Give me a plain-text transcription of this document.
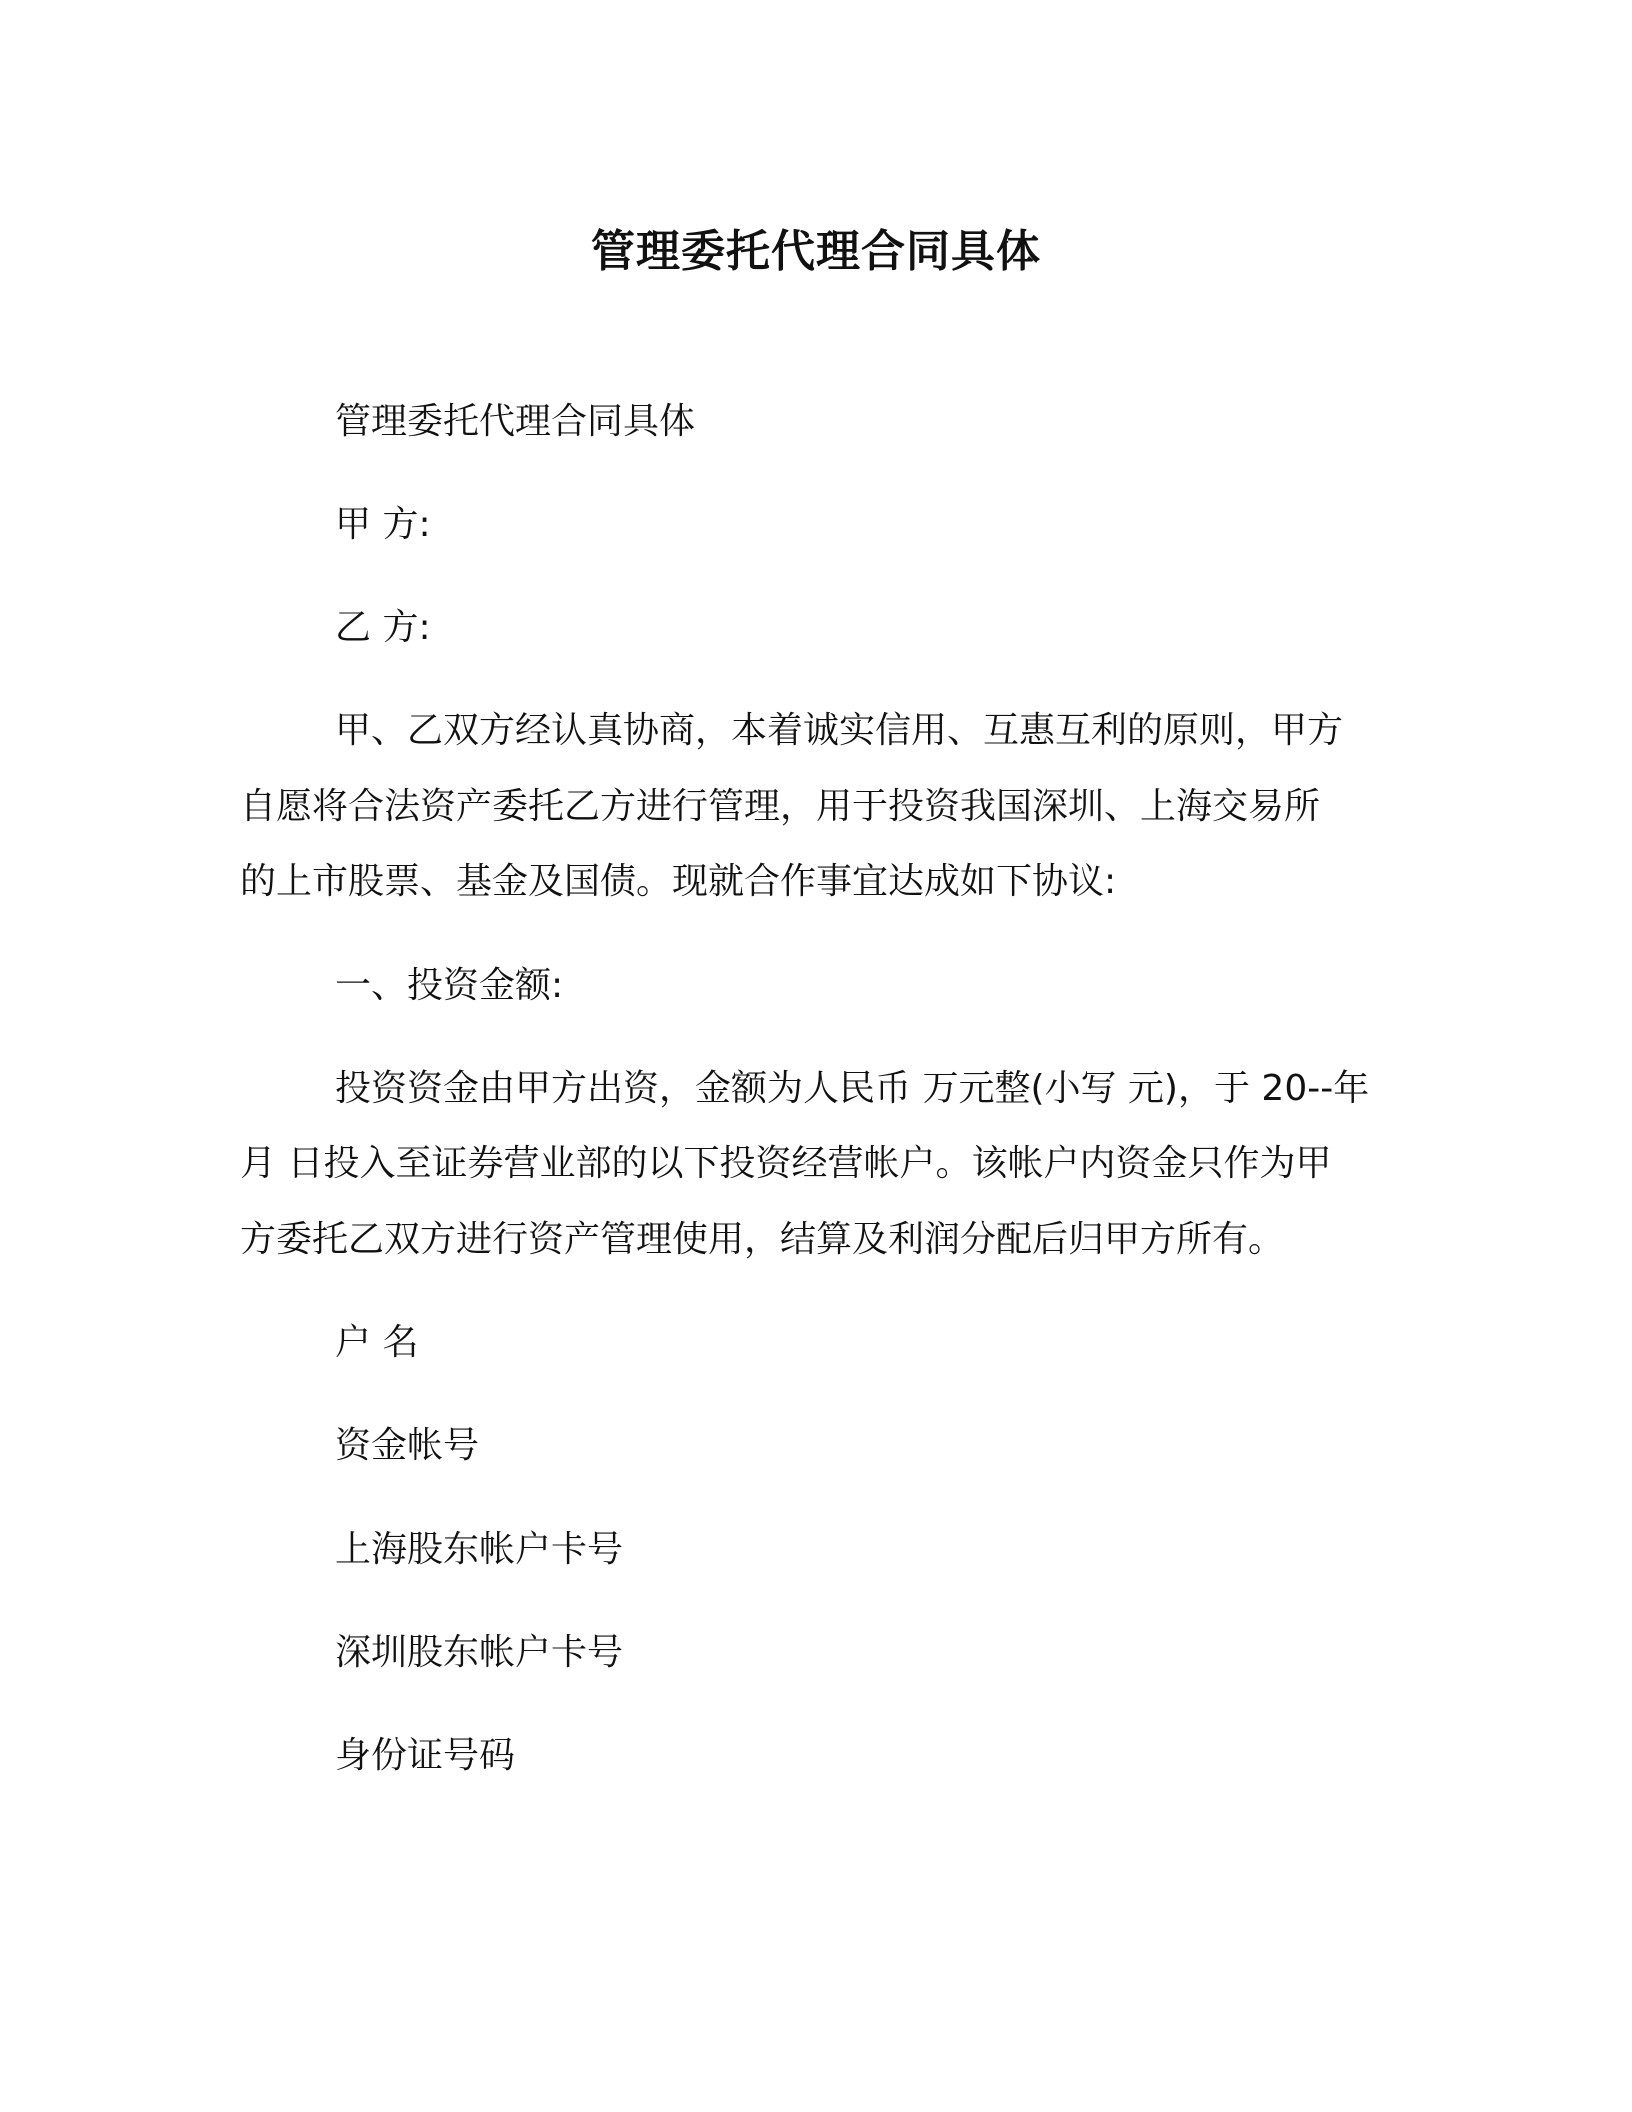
管理委托代理合同具体
管理委托代理合同具体
甲 方:
乙 方:
甲、乙双方经认真协商，本着诚实信用、互惠互利的原则，甲方
自愿将合法资产委托乙方进行管理，用于投资我国深圳、上海交易所
的上市股票、基金及国债。现就合作事宜达成如下协议:
一、投资金额:
投资资金由甲方出资，金额为人民币 万元整(小写 元)，于 20--年
月 日投入至证券营业部的以下投资经营帐户。该帐户内资金只作为甲
方委托乙双方进行资产管理使用，结算及利润分配后归甲方所有。
户 名
资金帐号
上海股东帐户卡号
深圳股东帐户卡号
身份证号码
